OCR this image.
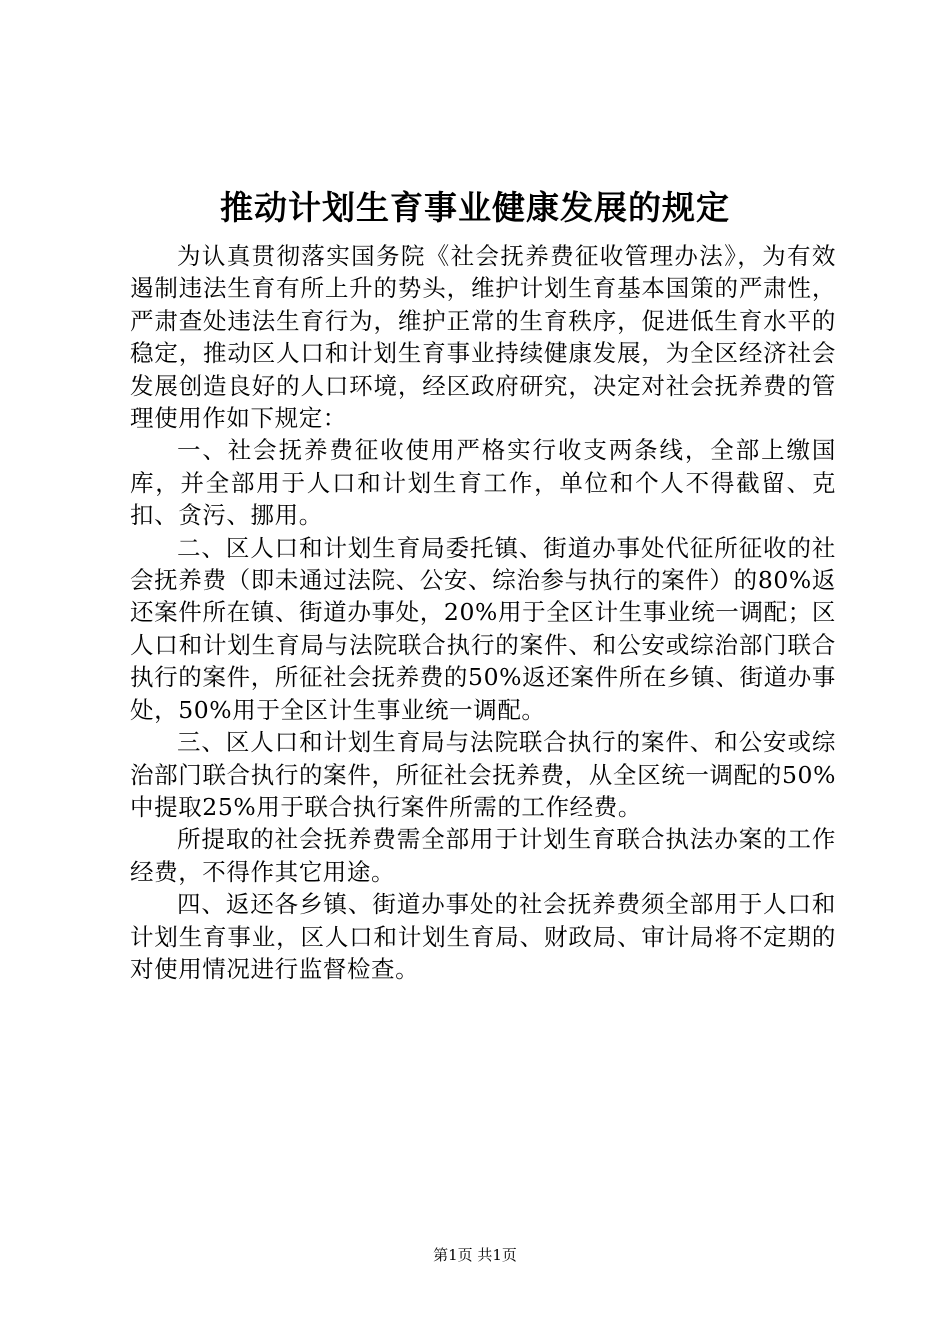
推动计划生育事业健康发展的规定

为认真贯彻落实国务院《社会抚养费征收管理办法》，为有效遏制违法生育有所上升的势头，维护计划生育基本国策的严肃性，严肃查处违法生育行为，维护正常的生育秩序，促进低生育水平的稳定，推动区人口和计划生育事业持续健康发展，为全区经济社会发展创造良好的人口环境，经区政府研究，决定对社会抚养费的管理使用作如下规定：

一、社会抚养费征收使用严格实行收支两条线，全部上缴国库，并全部用于人口和计划生育工作，单位和个人不得截留、克扣、贪污、挪用。

二、区人口和计划生育局委托镇、街道办事处代征所征收的社会抚养费（即未通过法院、公安、综治参与执行的案件）的80%返还案件所在镇、街道办事处，20%用于全区计生事业统一调配；区人口和计划生育局与法院联合执行的案件、和公安或综治部门联合执行的案件，所征社会抚养费的50%返还案件所在乡镇、街道办事处，50%用于全区计生事业统一调配。

三、区人口和计划生育局与法院联合执行的案件、和公安或综治部门联合执行的案件，所征社会抚养费，从全区统一调配的50%中提取25%用于联合执行案件所需的工作经费。

所提取的社会抚养费需全部用于计划生育联合执法办案的工作经费，不得作其它用途。

四、返还各乡镇、街道办事处的社会抚养费须全部用于人口和计划生育事业，区人口和计划生育局、财政局、审计局将不定期的对使用情况进行监督检查。

第1页 共1页
